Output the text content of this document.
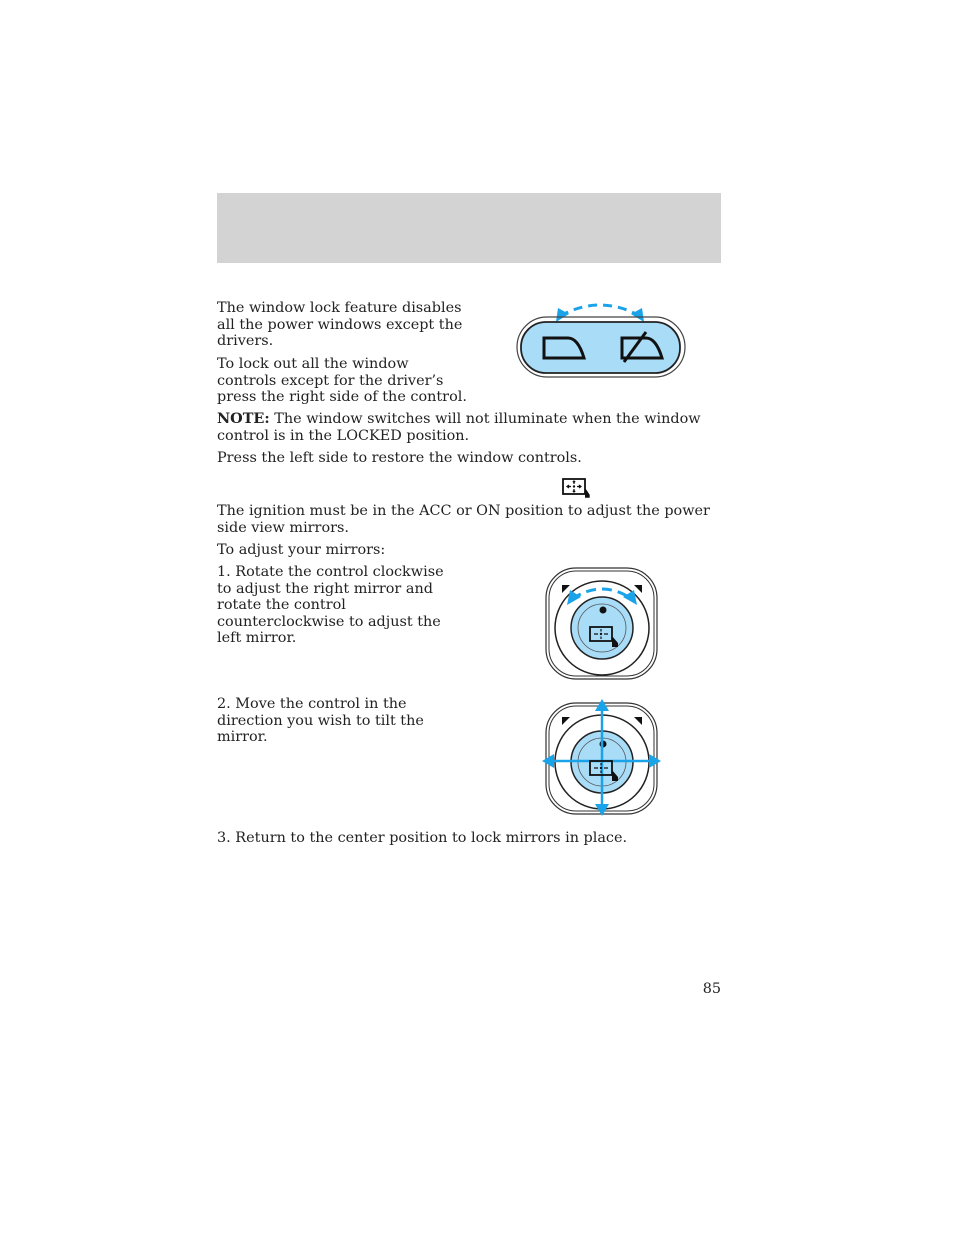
The window lock feature disables all the power windows except the drivers.

To lock out all the window controls except for the driver’s press the right side of the control.

NOTE: The window switches will not illuminate when the window control is in the LOCKED position.

Press the left side to restore the window controls.

The ignition must be in the ACC or ON position to adjust the power side view mirrors.

To adjust your mirrors:

1. Rotate the control clockwise to adjust the right mirror and rotate the control counterclockwise to adjust the left mirror.

2. Move the control in the direction you wish to tilt the mirror.

3. Return to the center position to lock mirrors in place.

85
